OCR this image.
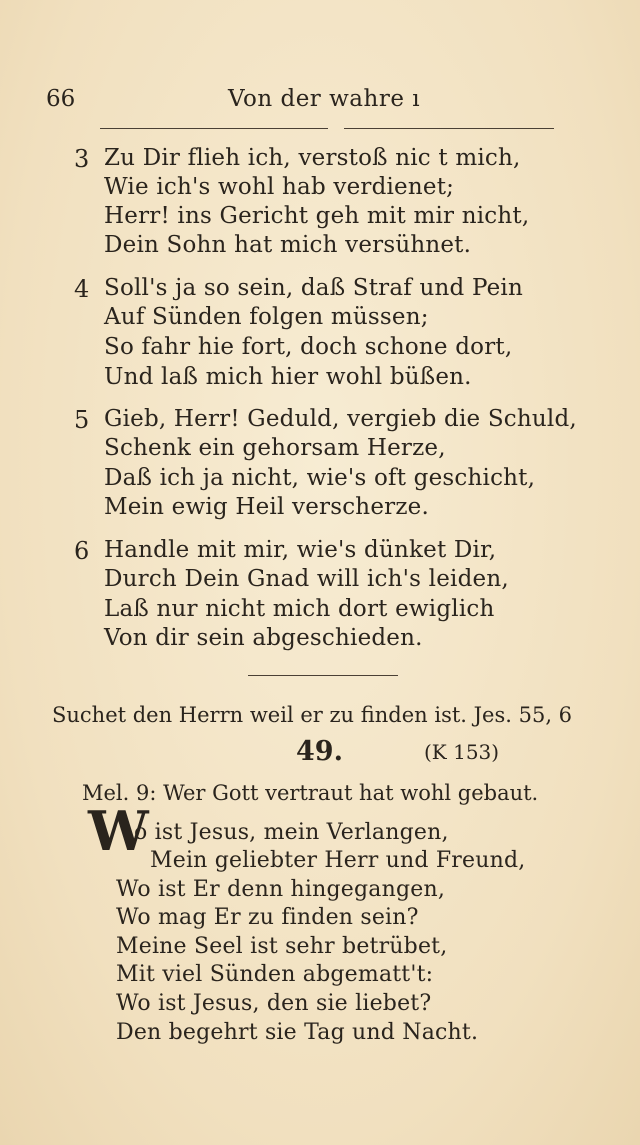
66	Von der wahre ı
3 Zu Dir flieh ich, verstoß nic t mich,
Wie ich's wohl hab verdienet;
Herr! ins Gericht geh mit mir nicht,
Dein Sohn hat mich versühnet.
4 Soll's ja so sein, daß Straf und Pein
Auf Sünden folgen müssen;
So fahr hie fort, doch schone dort,
Und laß mich hier wohl büßen.
5 Gieb, Herr! Geduld, vergieb die Schuld,
Schenk ein gehorsam Herze,
Daß ich ja nicht, wie's oft geschicht,
Mein ewig Heil verscherze.
6 Handle mit mir, wie's dünket Dir,
Durch Dein Gnad will ich's leiden,
Laß nur nicht mich dort ewiglich
Von dir sein abgeschieden.
Suchet den Herrn weil er zu finden ist. Jes. 55, 6
49.	(K 153)
Mel. 9: Wer Gott vertraut hat wohl gebaut.
W
o ist Jesus, mein Verlangen,
Mein geliebter Herr und Freund,
Wo ist Er denn hingegangen,
Wo mag Er zu finden sein?
Meine Seel ist sehr betrübet,
Mit viel Sünden abgematt't:
Wo ist Jesus, den sie liebet?
Den begehrt sie Tag und Nacht.
